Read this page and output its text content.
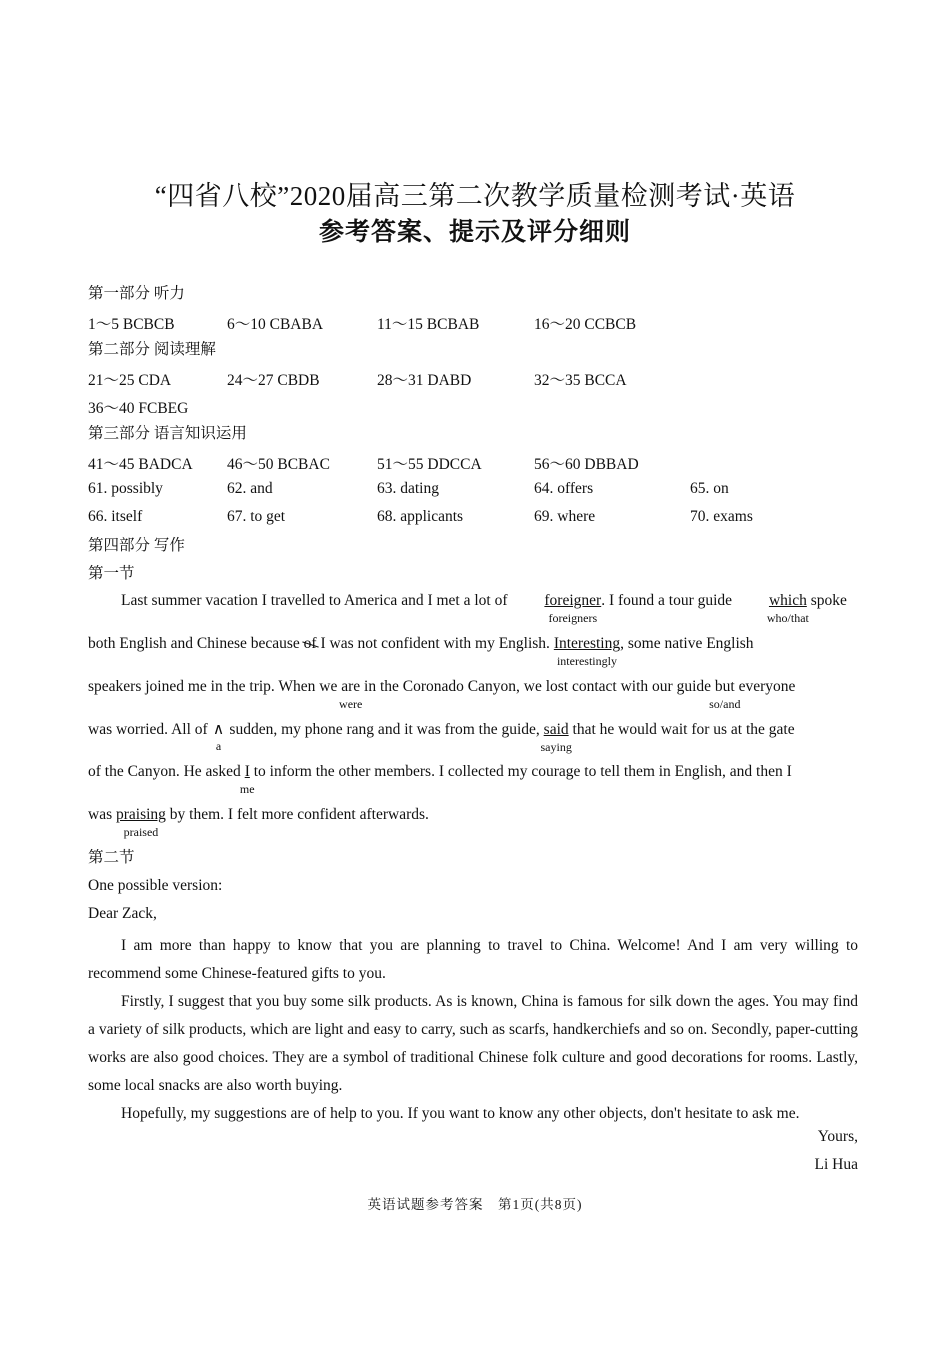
“四省八校”2020届高三第二次教学质量检测考试·英语
参考答案、提示及评分细则
第一部分 听力
1～5 BCBCB	6～10 CBABA	11～15 BCBAB	16～20 CCBCB
第二部分 阅读理解
21～25 CDA	24～27 CBDB	28～31 DABD	32～35 BCCA
36～40 FCBEG
第三部分 语言知识运用
41～45 BADCA 46～50 BCBAC	51～55 DDCCA	56～60 DBBAD
61. possibly	62. and	63. dating	64. offers	65. on
66. itself	67. to get	68. applicants	69. where	70. exams
第四部分 写作
第一节
Last summer vacation I travelled to America and I met a lot of foreigner
foreigners
. I found a tour guide which
who/that
spoke
both English and Chinese because of I was not confident with my English. Interesting
interestingly
, some native English
speakers joined me in the trip. When we are
were
in the Coronado Canyon, we lost contact with our guide but
so/and
everyone
was worried. All of ∧
a
sudden, my phone rang and it was from the guide, said
saying
that he would wait for us at the gate
of the Canyon. He asked I
me
to inform the other members. I collected my courage to tell them in English, and then I
was praising
praised
by them. I felt more confident afterwards.
第二节
One possible version:
Dear Zack,
I am more than happy to know that you are planning to travel to China. Welcome! And I am very willing to recommend some Chinese-featured gifts to you.
Firstly, I suggest that you buy some silk products. As is known, China is famous for silk down the ages. You may find a variety of silk products, which are light and easy to carry, such as scarfs, handkerchiefs and so on. Secondly, paper-cutting works are also good choices. They are a symbol of traditional Chinese folk culture and good decorations for rooms. Lastly, some local snacks are also worth buying.
Hopefully, my suggestions are of help to you. If you want to know any other objects, don't hesitate to ask me.
Yours,
Li Hua
英语试题参考答案　第1页(共8页)
